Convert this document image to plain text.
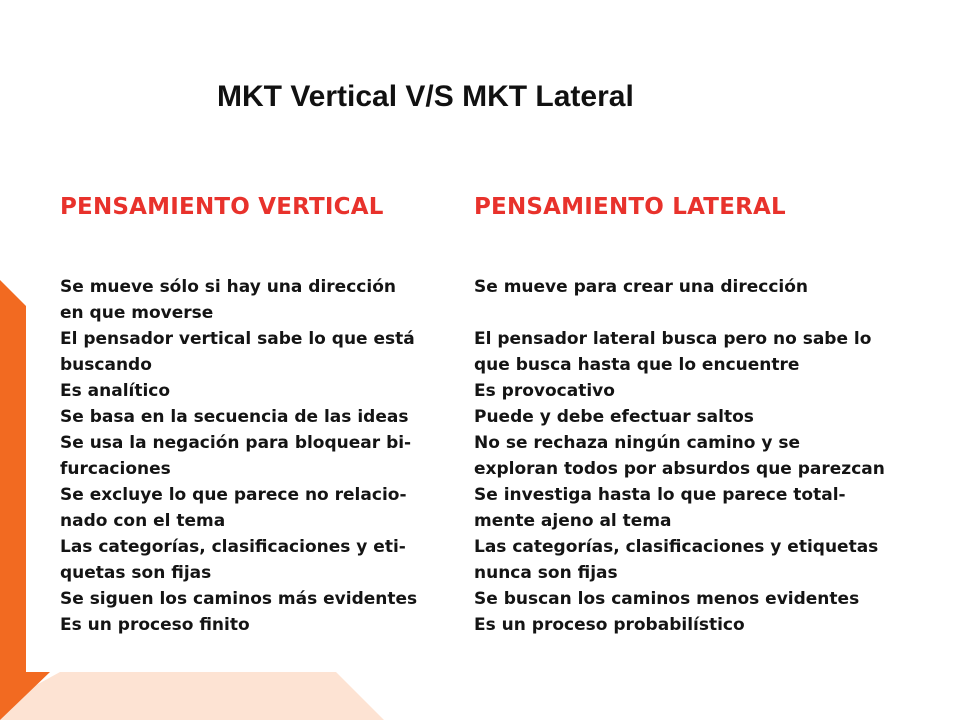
MKT Vertical V/S MKT Lateral
PENSAMIENTO VERTICAL
Se mueve sólo si hay una dirección
en que moverse
El pensador vertical sabe lo que está
buscando
Es analítico
Se basa en la secuencia de las ideas
Se usa la negación para bloquear bi-
furcaciones
Se excluye lo que parece no relacio-
nado con el tema
Las categorías, clasificaciones y eti-
quetas son fijas
Se siguen los caminos más evidentes
Es un proceso finito
PENSAMIENTO LATERAL
Se mueve para crear una dirección
El pensador lateral busca pero no sabe lo
que busca hasta que lo encuentre
Es provocativo
Puede y debe efectuar saltos
No se rechaza ningún camino y se
exploran todos por absurdos que parezcan
Se investiga hasta lo que parece total-
mente ajeno al tema
Las categorías, clasificaciones y etiquetas
nunca son fijas
Se buscan los caminos menos evidentes
Es un proceso probabilístico
